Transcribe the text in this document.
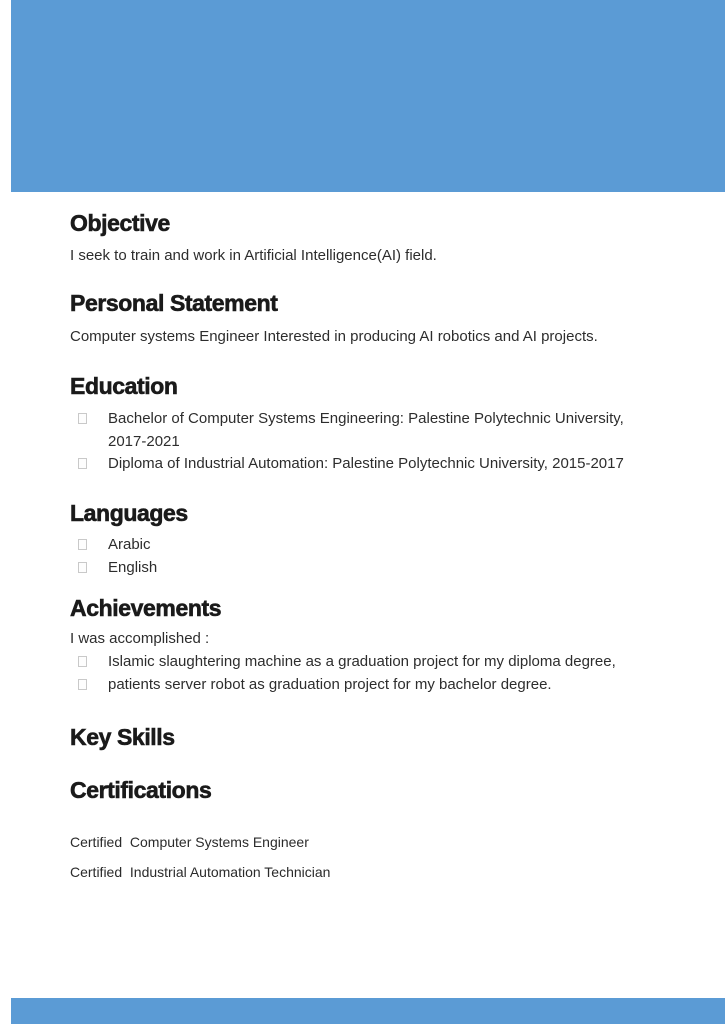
Objective
I seek to train and work in Artificial Intelligence(AI) field.
Personal Statement
Computer systems Engineer Interested in producing AI robotics and AI projects.
Education
Bachelor of Computer Systems Engineering: Palestine Polytechnic University, 2017-2021
Diploma of Industrial Automation: Palestine Polytechnic University, 2015-2017
Languages
Arabic
English
Achievements
I was accomplished :
Islamic slaughtering machine as a graduation project for my diploma degree,
patients server robot as graduation project for my bachelor degree.
Key Skills
Certifications
Certified  Computer Systems Engineer
Certified  Industrial Automation Technician
